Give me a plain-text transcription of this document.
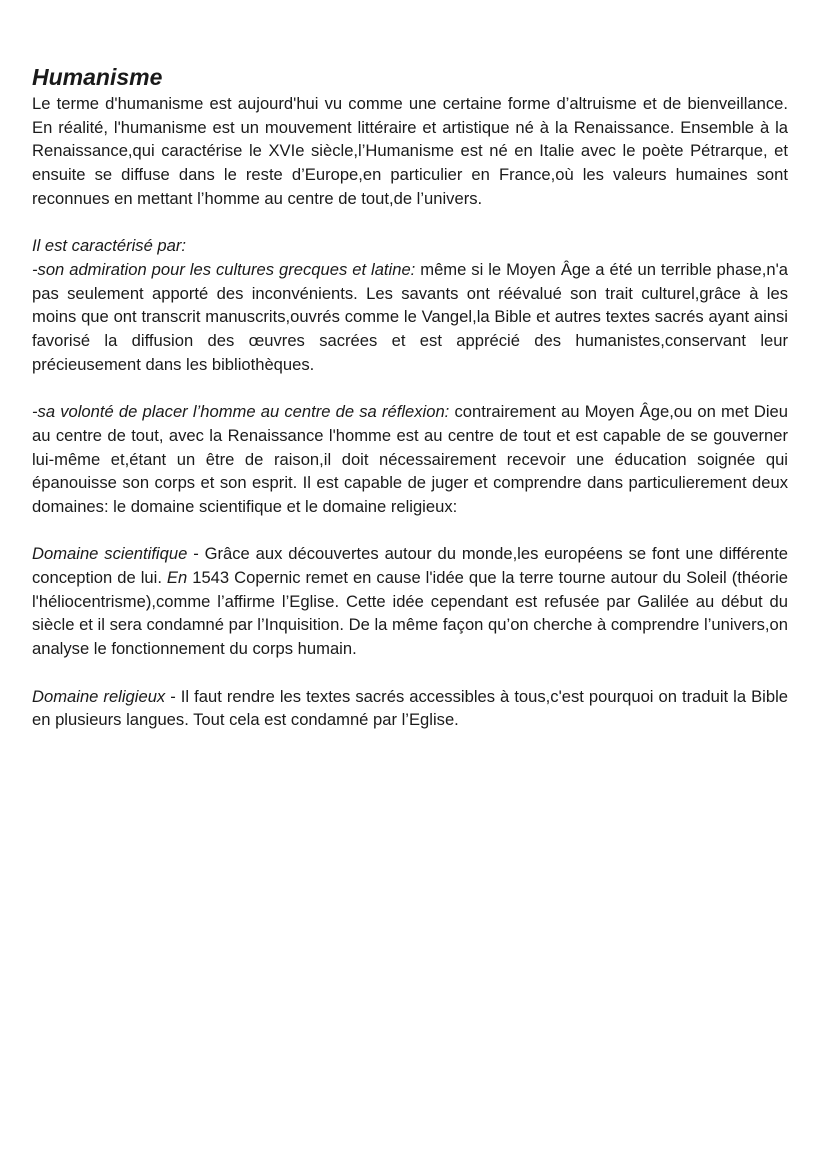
Humanisme

Le terme d'humanisme est aujourd'hui vu comme une certaine forme d’altruisme et de bienveillance. En réalité, l'humanisme est un mouvement littéraire et artistique né à la Renaissance. Ensemble à la Renaissance,qui caractérise le XVIe siècle,l’Humanisme est né en Italie avec le poète Pétrarque, et ensuite se diffuse dans le reste d’Europe,en particulier en France,où les valeurs humaines sont reconnues en mettant l’homme au centre de tout,de l’univers.

Il est caractérisé par:

-son admiration pour les cultures grecques et latine: même si le Moyen Âge a été un terrible phase,n'a pas seulement apporté des inconvénients. Les savants ont réévalué son trait culturel,grâce à les moins que ont transcrit manuscrits,ouvrés comme le Vangel,la Bible et autres textes sacrés ayant ainsi favorisé la diffusion des œuvres sacrées et est apprécié des humanistes,conservant leur précieusement dans les bibliothèques.

-sa volonté de placer l’homme au centre de sa réflexion: contrairement au Moyen Âge,ou on met Dieu au centre de tout, avec la Renaissance l'homme est au centre de tout et est capable de se gouverner lui-même et,étant un être de raison,il doit nécessairement recevoir une éducation soignée qui épanouisse son corps et son esprit. Il est capable de juger et comprendre dans particulierement deux domaines: le domaine scientifique et le domaine religieux:

Domaine scientifique - Grâce aux découvertes autour du monde,les européens se font une différente conception de lui. En 1543 Copernic remet en cause l'idée que la terre tourne autour du Soleil (théorie l'héliocentrisme),comme l’affirme l’Eglise. Cette idée cependant est refusée par Galilée au début du siècle et il sera condamné par l’Inquisition. De la même façon qu’on cherche à comprendre l’univers,on analyse le fonctionnement du corps humain.

Domaine religieux - Il faut rendre les textes sacrés accessibles à tous,c'est pourquoi on traduit la Bible en plusieurs langues. Tout cela est condamné par l’Eglise.
